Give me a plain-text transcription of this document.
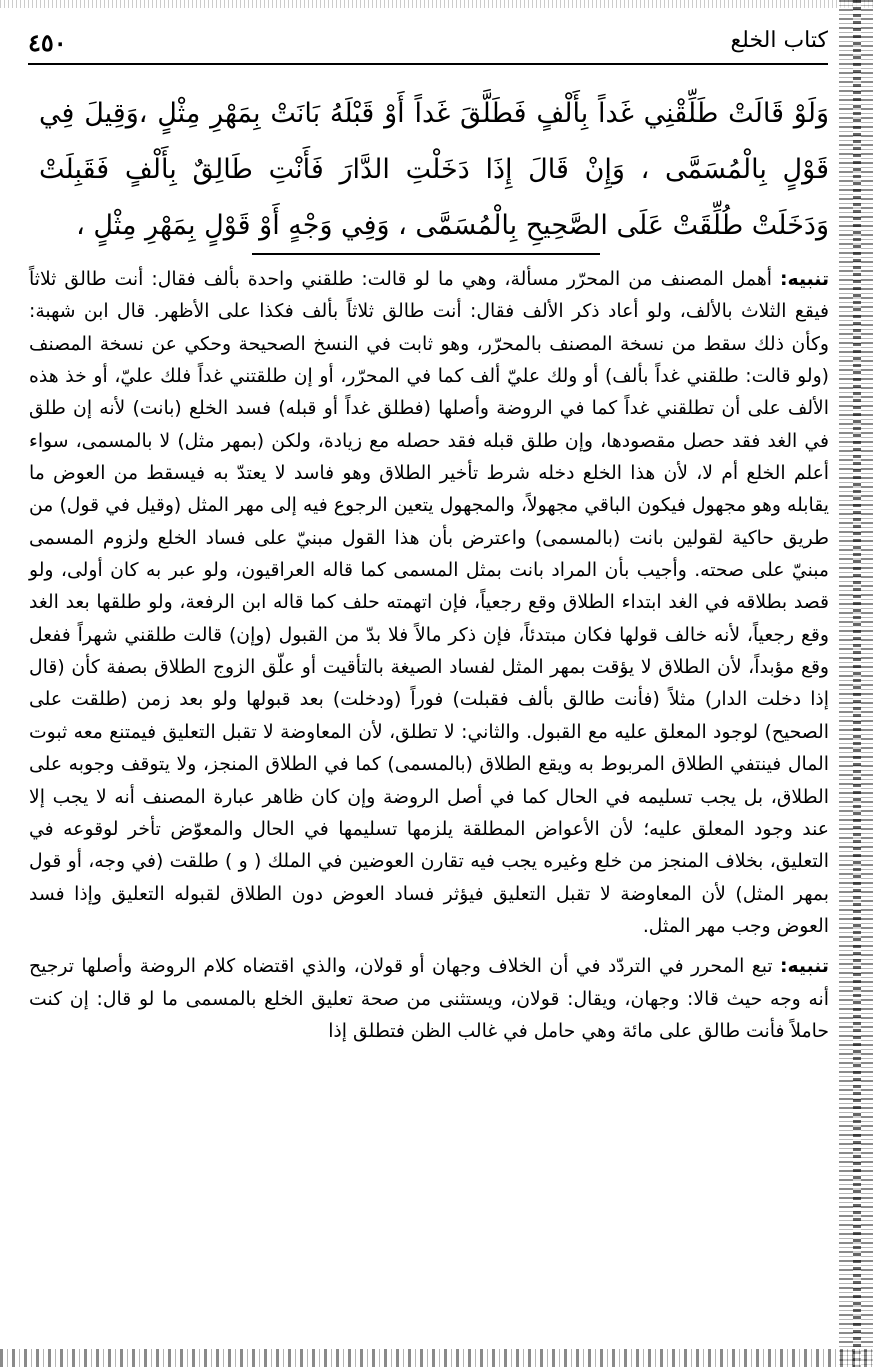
كتاب الخلع
٤٥٠

وَلَوْ قَالَتْ طَلِّقْنِي غَداً بِأَلْفٍ فَطَلَّقَ غَداً أَوْ قَبْلَهُ بَانَتْ بِمَهْرِ مِثْلٍ ،وَقِيلَ فِي قَوْلٍ بِالْمُسَمَّى ، وَإِنْ قَالَ إِذَا دَخَلْتِ الدَّارَ فَأَنْتِ طَالِقٌ بِأَلْفٍ فَقَبِلَتْ وَدَخَلَتْ طُلِّقَتْ عَلَى الصَّحِيحِ بِالْمُسَمَّى ، وَفِي وَجْهٍ أَوْ قَوْلٍ بِمَهْرِ مِثْلٍ ،

تنبيه: أهمل المصنف من المحرّر مسألة، وهي ما لو قالت: طلقني واحدة بألف فقال: أنت طالق ثلاثاً فيقع الثلاث بالألف، ولو أعاد ذكر الألف فقال: أنت طالق ثلاثاً بألف فكذا على الأظهر. قال ابن شهبة: وكأن ذلك سقط من نسخة المصنف بالمحرّر، وهو ثابت في النسخ الصحيحة وحكي عن نسخة المصنف (ولو قالت: طلقني غداً بألف) أو ولك عليّ ألف كما في المحرّر، أو إن طلقتني غداً فلك عليّ، أو خذ هذه الألف على أن تطلقني غداً كما في الروضة وأصلها (فطلق غداً أو قبله) فسد الخلع (بانت) لأنه إن طلق في الغد فقد حصل مقصودها، وإن طلق قبله فقد حصله مع زيادة، ولكن (بمهر مثل) لا بالمسمى، سواء أعلم الخلع أم لا، لأن هذا الخلع دخله شرط تأخير الطلاق وهو فاسد لا يعتدّ به فيسقط من العوض ما يقابله وهو مجهول فيكون الباقي مجهولاً، والمجهول يتعين الرجوع فيه إلى مهر المثل (وقيل في قول) من طريق حاكية لقولين بانت (بالمسمى) واعترض بأن هذا القول مبنيّ على فساد الخلع ولزوم المسمى مبنيّ على صحته. وأجيب بأن المراد بانت بمثل المسمى كما قاله العراقيون، ولو عبر به كان أولى، ولو قصد بطلاقه في الغد ابتداء الطلاق وقع رجعياً، فإن اتهمته حلف كما قاله ابن الرفعة، ولو طلقها بعد الغد وقع رجعياً، لأنه خالف قولها فكان مبتدئاً، فإن ذكر مالاً فلا بدّ من القبول (وإن) قالت طلقني شهراً ففعل وقع مؤبداً، لأن الطلاق لا يؤقت بمهر المثل لفساد الصيغة بالتأقيت أو علّق الزوج الطلاق بصفة كأن (قال إذا دخلت الدار) مثلاً (فأنت طالق بألف فقبلت) فوراً (ودخلت) بعد قبولها ولو بعد زمن (طلقت على الصحيح) لوجود المعلق عليه مع القبول. والثاني: لا تطلق، لأن المعاوضة لا تقبل التعليق فيمتنع معه ثبوت المال فينتفي الطلاق المربوط به ويقع الطلاق (بالمسمى) كما في الطلاق المنجز، ولا يتوقف وجوبه على الطلاق، بل يجب تسليمه في الحال كما في أصل الروضة وإن كان ظاهر عبارة المصنف أنه لا يجب إلا عند وجود المعلق عليه؛ لأن الأعواض المطلقة يلزمها تسليمها في الحال والمعوّض تأخر لوقوعه في التعليق، بخلاف المنجز من خلع وغيره يجب فيه تقارن العوضين في الملك ( و ) طلقت (في وجه، أو قول بمهر المثل) لأن المعاوضة لا تقبل التعليق فيؤثر فساد العوض دون الطلاق لقبوله التعليق وإذا فسد العوض وجب مهر المثل.

تنبيه: تبع المحرر في التردّد في أن الخلاف وجهان أو قولان، والذي اقتضاه كلام الروضة وأصلها ترجيح أنه وجه حيث قالا: وجهان، ويقال: قولان، ويستثنى من صحة تعليق الخلع بالمسمى ما لو قال: إن كنت حاملاً فأنت طالق على مائة وهي حامل في غالب الظن فتطلق إذا
